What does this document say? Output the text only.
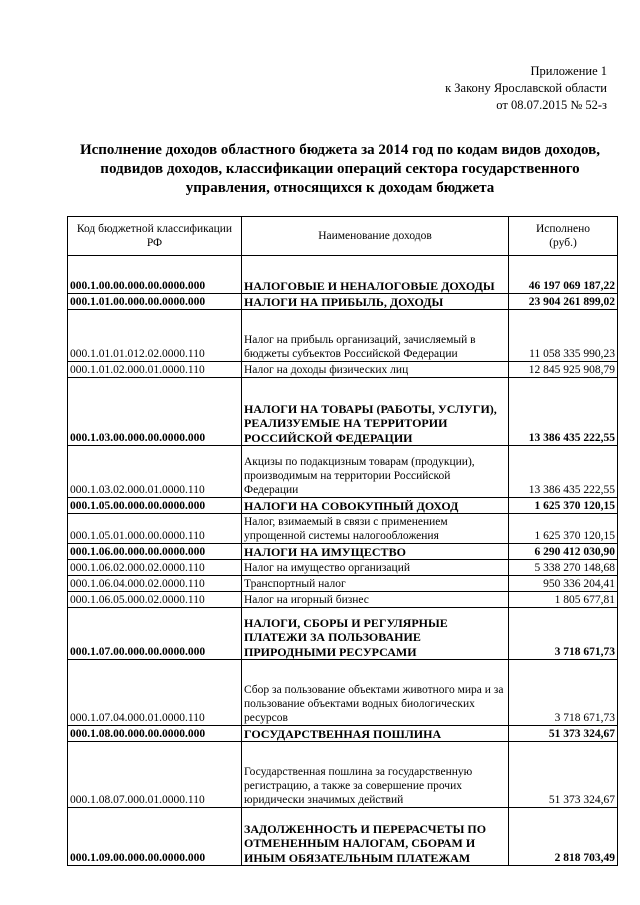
Приложение 1
к Закону Ярославской области
от 08.07.2015 № 52-з
Исполнение доходов областного бюджета за 2014 год по кодам видов доходов,
подвидов доходов, классификации операций сектора государственного
управления, относящихся к доходам бюджета
Код бюджетной классификации РФ	Наименование доходов	Исполнено
(руб.)

000.1.00.00.000.00.0000.000	НАЛОГОВЫЕ И НЕНАЛОГОВЫЕ ДОХОДЫ	46 197 069 187,22
000.1.01.00.000.00.0000.000	НАЛОГИ НА ПРИБЫЛЬ, ДОХОДЫ	23 904 261 899,02
000.1.01.01.012.02.0000.110	Налог на прибыль организаций, зачисляемый в бюджеты субъектов Российской Федерации	11 058 335 990,23
000.1.01.02.000.01.0000.110	Налог на доходы физических лиц	12 845 925 908,79
000.1.03.00.000.00.0000.000	НАЛОГИ НА ТОВАРЫ (РАБОТЫ, УСЛУГИ), РЕАЛИЗУЕМЫЕ НА ТЕРРИТОРИИ РОССИЙСКОЙ ФЕДЕРАЦИИ	13 386 435 222,55
000.1.03.02.000.01.0000.110	Акцизы по подакцизным товарам (продукции), производимым на территории Российской Федерации	13 386 435 222,55
000.1.05.00.000.00.0000.000	НАЛОГИ НА СОВОКУПНЫЙ ДОХОД	1 625 370 120,15
000.1.05.01.000.00.0000.110	Налог, взимаемый в связи с применением упрощенной системы налогообложения	1 625 370 120,15
000.1.06.00.000.00.0000.000	НАЛОГИ НА ИМУЩЕСТВО	6 290 412 030,90
000.1.06.02.000.02.0000.110	Налог на имущество организаций	5 338 270 148,68
000.1.06.04.000.02.0000.110	Транспортный налог	950 336 204,41
000.1.06.05.000.02.0000.110	Налог на игорный бизнес	1 805 677,81
000.1.07.00.000.00.0000.000	НАЛОГИ, СБОРЫ И РЕГУЛЯРНЫЕ ПЛАТЕЖИ ЗА ПОЛЬЗОВАНИЕ ПРИРОДНЫМИ РЕСУРСАМИ	3 718 671,73
000.1.07.04.000.01.0000.110	Сбор за пользование объектами животного мира и за пользование объектами водных биологических ресурсов	3 718 671,73
000.1.08.00.000.00.0000.000	ГОСУДАРСТВЕННАЯ ПОШЛИНА	51 373 324,67
000.1.08.07.000.01.0000.110	Государственная пошлина за государственную регистрацию, а также за совершение прочих юридически значимых действий	51 373 324,67
000.1.09.00.000.00.0000.000	ЗАДОЛЖЕННОСТЬ И ПЕРЕРАСЧЕТЫ ПО ОТМЕНЕННЫМ НАЛОГАМ, СБОРАМ И ИНЫМ ОБЯЗАТЕЛЬНЫМ ПЛАТЕЖАМ	2 818 703,49
